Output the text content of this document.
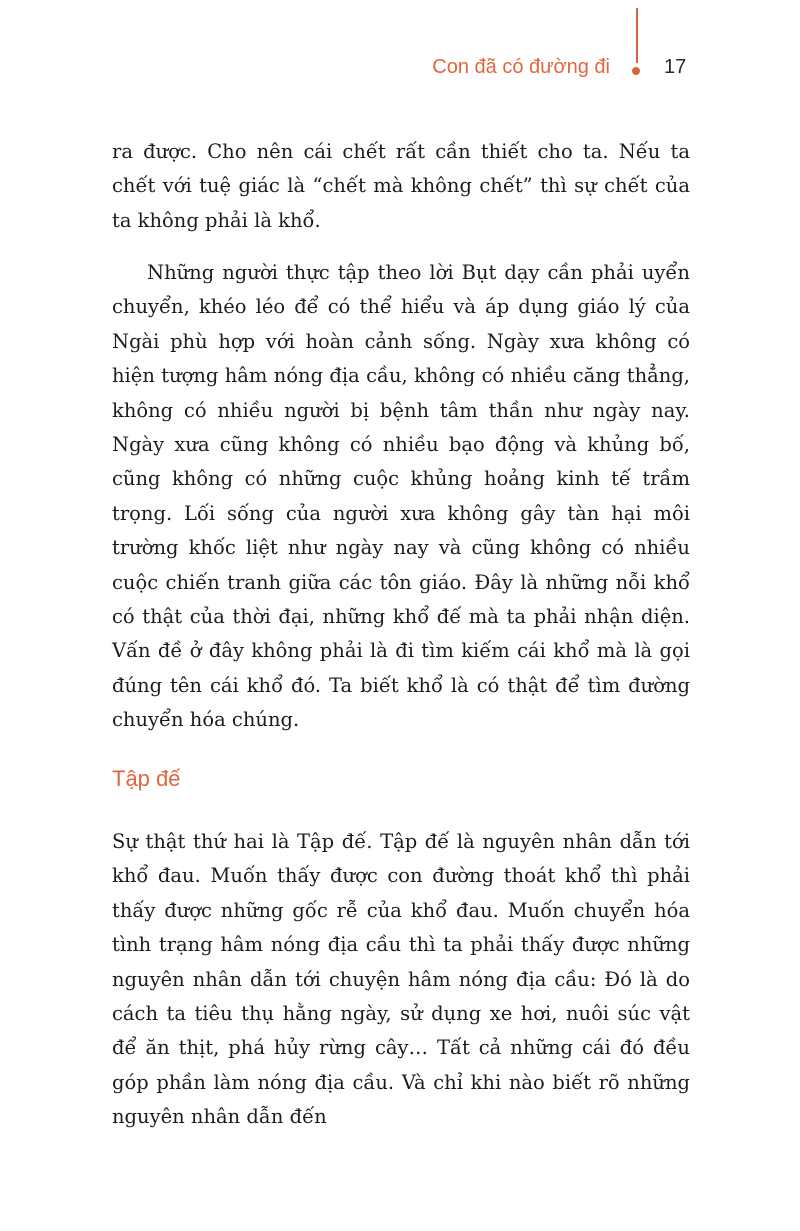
Con đã có đường đi	17

ra được. Cho nên cái chết rất cần thiết cho ta. Nếu ta chết với tuệ giác là “chết mà không chết” thì sự chết của ta không phải là khổ.

Những người thực tập theo lời Bụt dạy cần phải uyển chuyển, khéo léo để có thể hiểu và áp dụng giáo lý của Ngài phù hợp với hoàn cảnh sống. Ngày xưa không có hiện tượng hâm nóng địa cầu, không có nhiều căng thẳng, không có nhiều người bị bệnh tâm thần như ngày nay. Ngày xưa cũng không có nhiều bạo động và khủng bố, cũng không có những cuộc khủng hoảng kinh tế trầm trọng. Lối sống của người xưa không gây tàn hại môi trường khốc liệt như ngày nay và cũng không có nhiều cuộc chiến tranh giữa các tôn giáo. Đây là những nỗi khổ có thật của thời đại, những khổ đế mà ta phải nhận diện. Vấn đề ở đây không phải là đi tìm kiếm cái khổ mà là gọi đúng tên cái khổ đó. Ta biết khổ là có thật để tìm đường chuyển hóa chúng.

Tập đế

Sự thật thứ hai là Tập đế. Tập đế là nguyên nhân dẫn tới khổ đau. Muốn thấy được con đường thoát khổ thì phải thấy được những gốc rễ của khổ đau. Muốn chuyển hóa tình trạng hâm nóng địa cầu thì ta phải thấy được những nguyên nhân dẫn tới chuyện hâm nóng địa cầu: Đó là do cách ta tiêu thụ hằng ngày, sử dụng xe hơi, nuôi súc vật để ăn thịt, phá hủy rừng cây… Tất cả những cái đó đều góp phần làm nóng địa cầu. Và chỉ khi nào biết rõ những nguyên nhân dẫn đến
